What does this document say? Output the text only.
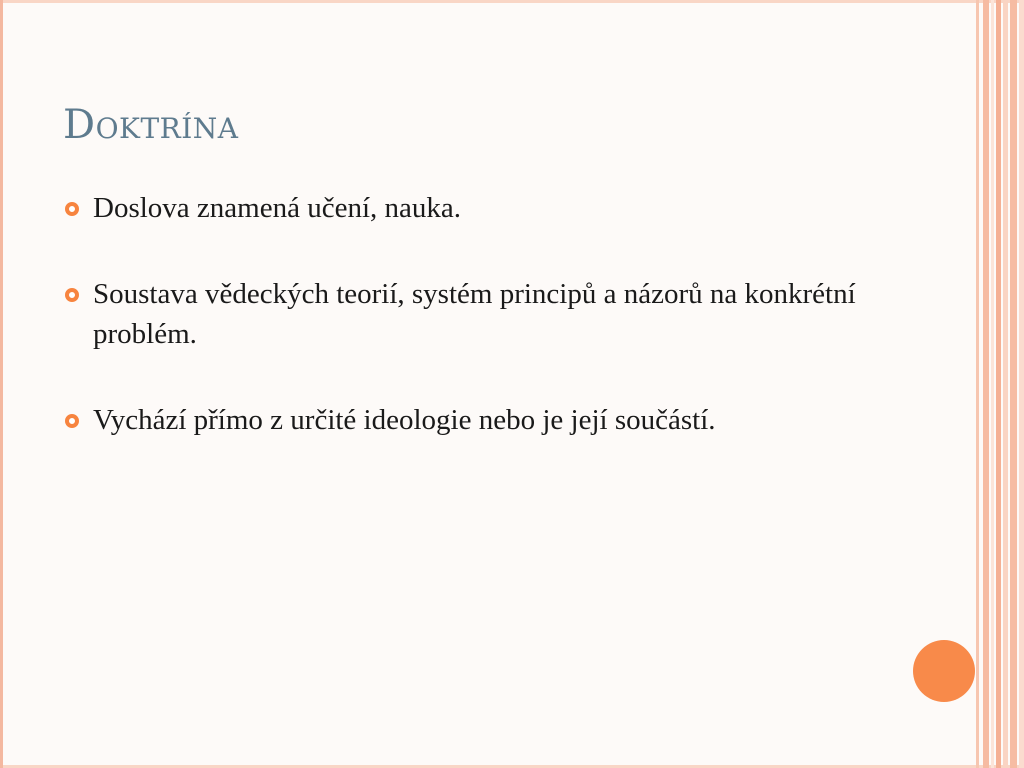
Doktrína
Doslova znamená učení, nauka.
Soustava vědeckých teorií, systém principů a názorů na konkrétní problém.
Vychází přímo z určité ideologie nebo je její součástí.
